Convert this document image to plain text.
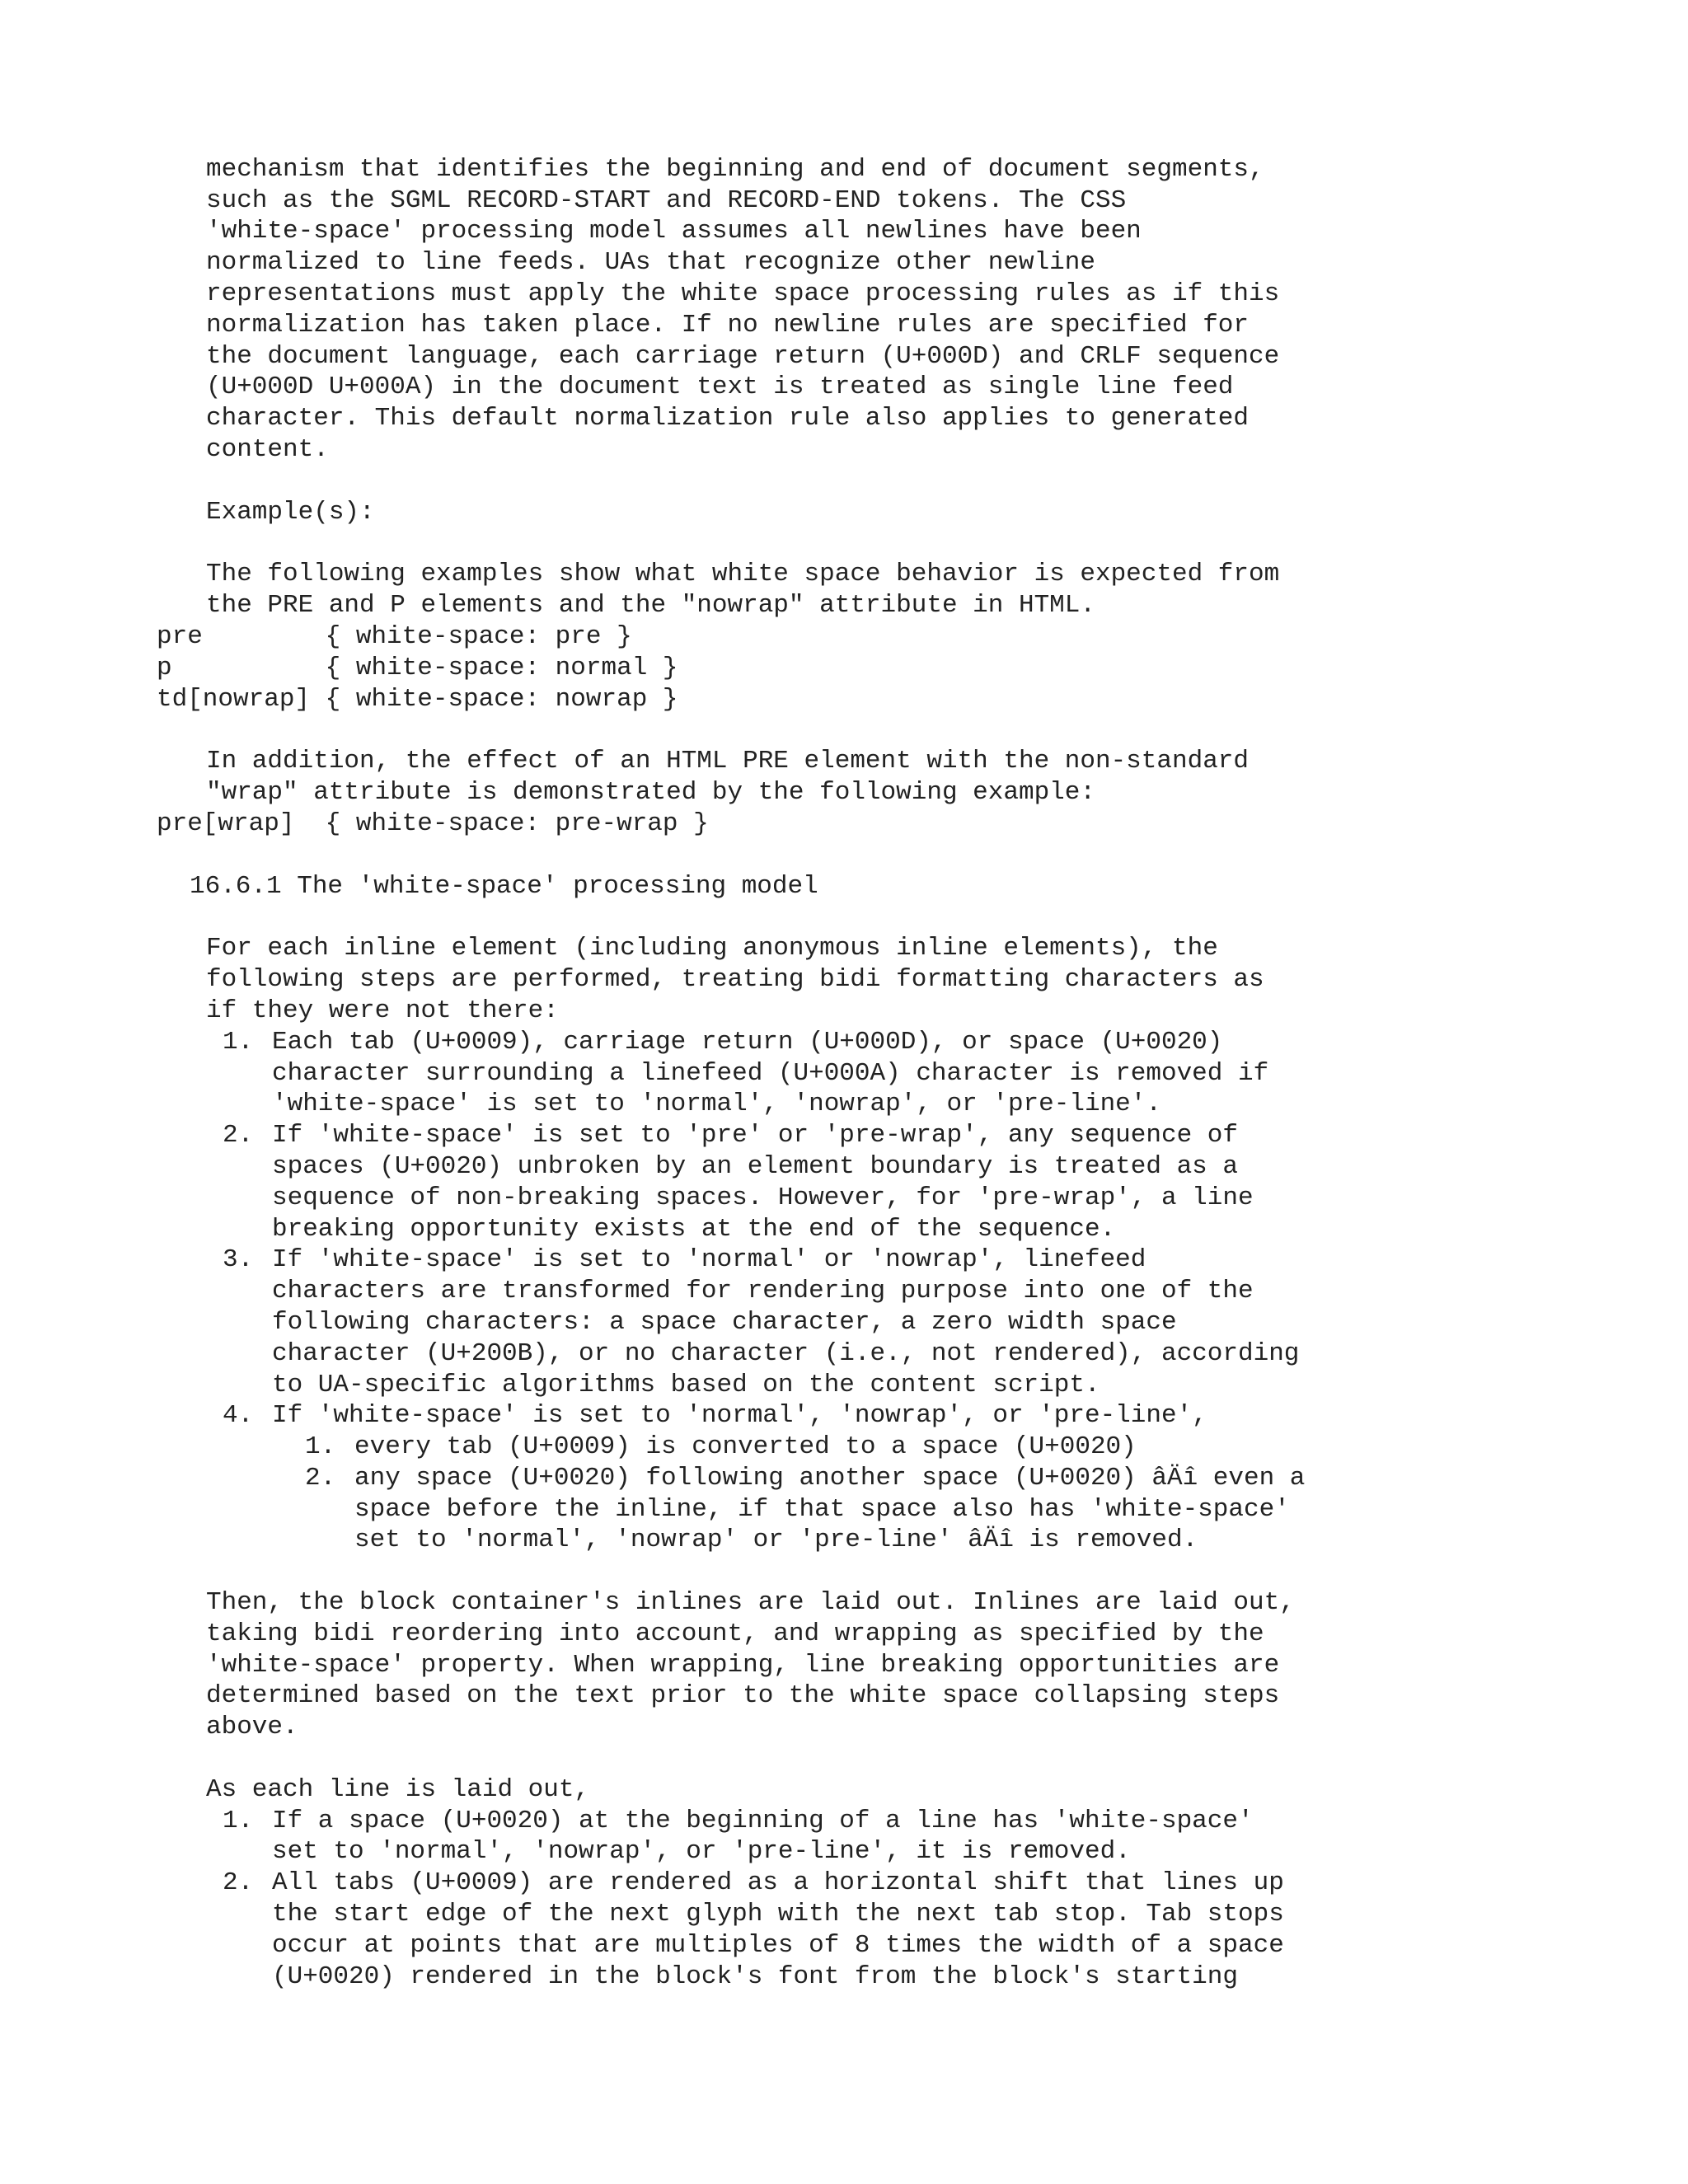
mechanism that identifies the beginning and end of document segments,
such as the SGML RECORD-START and RECORD-END tokens. The CSS
'white-space' processing model assumes all newlines have been
normalized to line feeds. UAs that recognize other newline
representations must apply the white space processing rules as if this
normalization has taken place. If no newline rules are specified for
the document language, each carriage return (U+000D) and CRLF sequence
(U+000D U+000A) in the document text is treated as single line feed
character. This default normalization rule also applies to generated
content.
Example(s):
The following examples show what white space behavior is expected from
the PRE and P elements and the "nowrap" attribute in HTML.
pre        { white-space: pre }
p          { white-space: normal }
td[nowrap] { white-space: nowrap }
In addition, the effect of an HTML PRE element with the non-standard
"wrap" attribute is demonstrated by the following example:
pre[wrap]  { white-space: pre-wrap }
16.6.1 The 'white-space' processing model
For each inline element (including anonymous inline elements), the
following steps are performed, treating bidi formatting characters as
if they were not there:
1. Each tab (U+0009), carriage return (U+000D), or space (U+0020)
character surrounding a linefeed (U+000A) character is removed if
'white-space' is set to 'normal', 'nowrap', or 'pre-line'.
2. If 'white-space' is set to 'pre' or 'pre-wrap', any sequence of
spaces (U+0020) unbroken by an element boundary is treated as a
sequence of non-breaking spaces. However, for 'pre-wrap', a line
breaking opportunity exists at the end of the sequence.
3. If 'white-space' is set to 'normal' or 'nowrap', linefeed
characters are transformed for rendering purpose into one of the
following characters: a space character, a zero width space
character (U+200B), or no character (i.e., not rendered), according
to UA-specific algorithms based on the content script.
4. If 'white-space' is set to 'normal', 'nowrap', or 'pre-line',
1. every tab (U+0009) is converted to a space (U+0020)
2. any space (U+0020) following another space (U+0020) âÄî even a
space before the inline, if that space also has 'white-space'
set to 'normal', 'nowrap' or 'pre-line' âÄî is removed.
Then, the block container's inlines are laid out. Inlines are laid out,
taking bidi reordering into account, and wrapping as specified by the
'white-space' property. When wrapping, line breaking opportunities are
determined based on the text prior to the white space collapsing steps
above.
As each line is laid out,
1. If a space (U+0020) at the beginning of a line has 'white-space'
set to 'normal', 'nowrap', or 'pre-line', it is removed.
2. All tabs (U+0009) are rendered as a horizontal shift that lines up
the start edge of the next glyph with the next tab stop. Tab stops
occur at points that are multiples of 8 times the width of a space
(U+0020) rendered in the block's font from the block's starting
